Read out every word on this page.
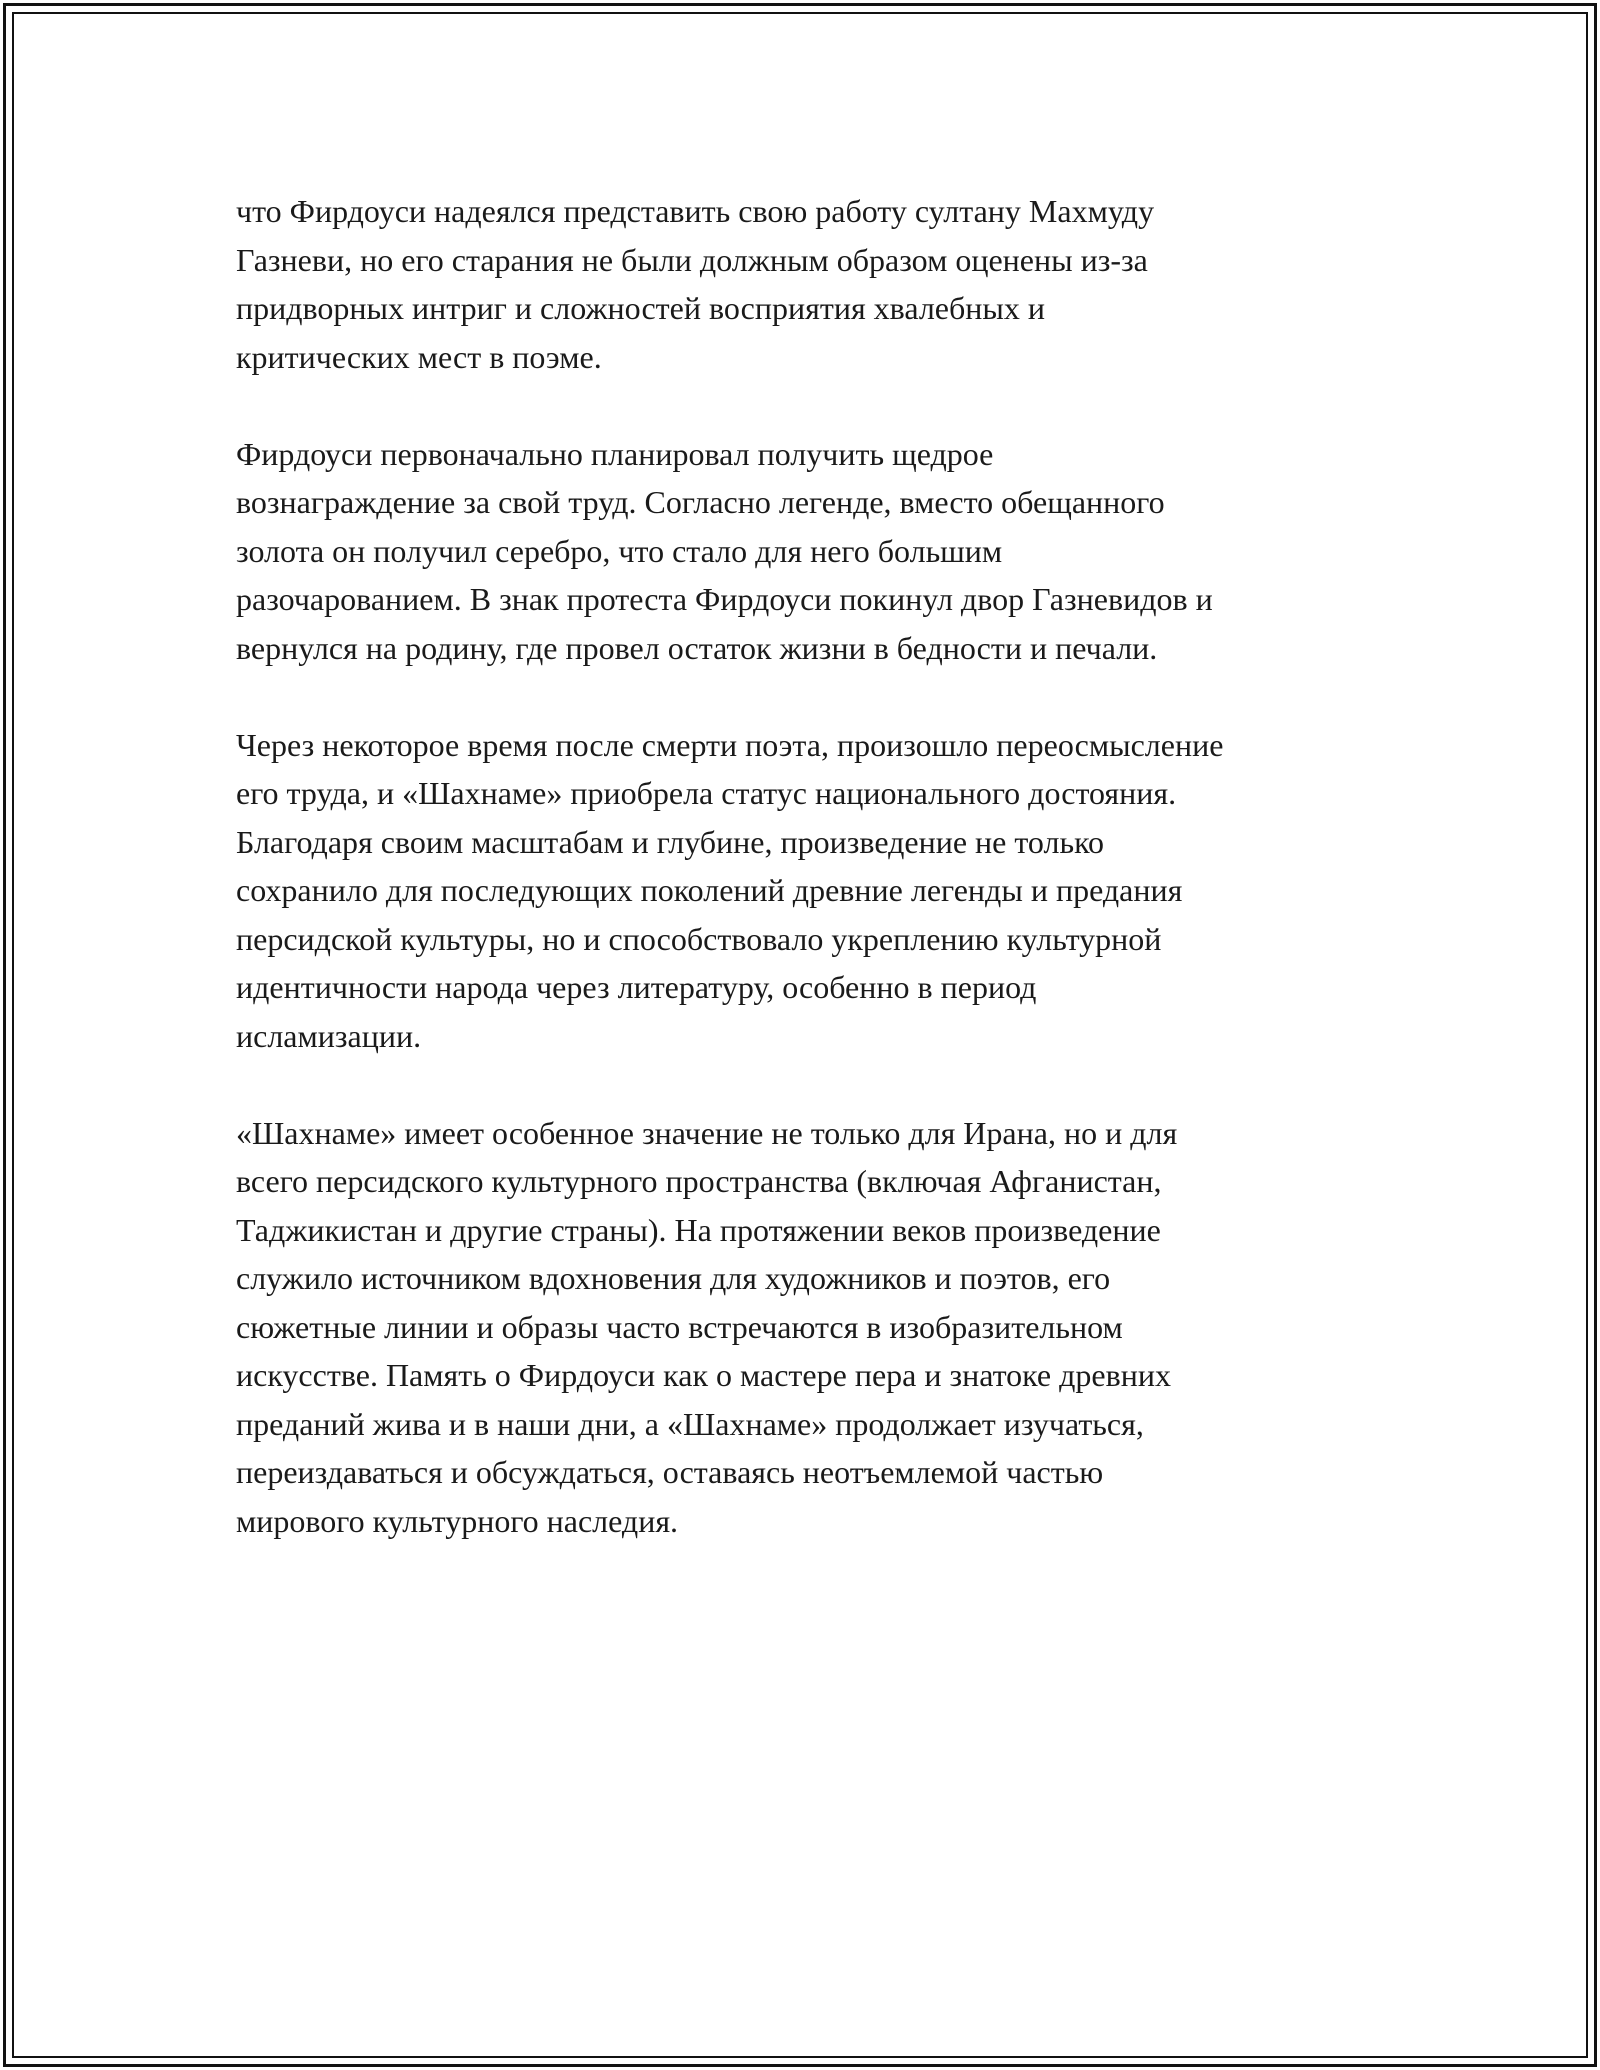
что Фирдоуси надеялся представить свою работу султану Махмуду
Газневи, но его старания не были должным образом оценены из-за
придворных интриг и сложностей восприятия хвалебных и
критических мест в поэме.

Фирдоуси первоначально планировал получить щедрое
вознаграждение за свой труд. Согласно легенде, вместо обещанного
золота он получил серебро, что стало для него большим
разочарованием. В знак протеста Фирдоуси покинул двор Газневидов и
вернулся на родину, где провел остаток жизни в бедности и печали.

Через некоторое время после смерти поэта, произошло переосмысление
его труда, и «Шахнаме» приобрела статус национального достояния.
Благодаря своим масштабам и глубине, произведение не только
сохранило для последующих поколений древние легенды и предания
персидской культуры, но и способствовало укреплению культурной
идентичности народа через литературу, особенно в период
исламизации.

«Шахнаме» имеет особенное значение не только для Ирана, но и для
всего персидского культурного пространства (включая Афганистан,
Таджикистан и другие страны). На протяжении веков произведение
служило источником вдохновения для художников и поэтов, его
сюжетные линии и образы часто встречаются в изобразительном
искусстве. Память о Фирдоуси как о мастере пера и знатоке древних
преданий жива и в наши дни, а «Шахнаме» продолжает изучаться,
переиздаваться и обсуждаться, оставаясь неотъемлемой частью
мирового культурного наследия.
